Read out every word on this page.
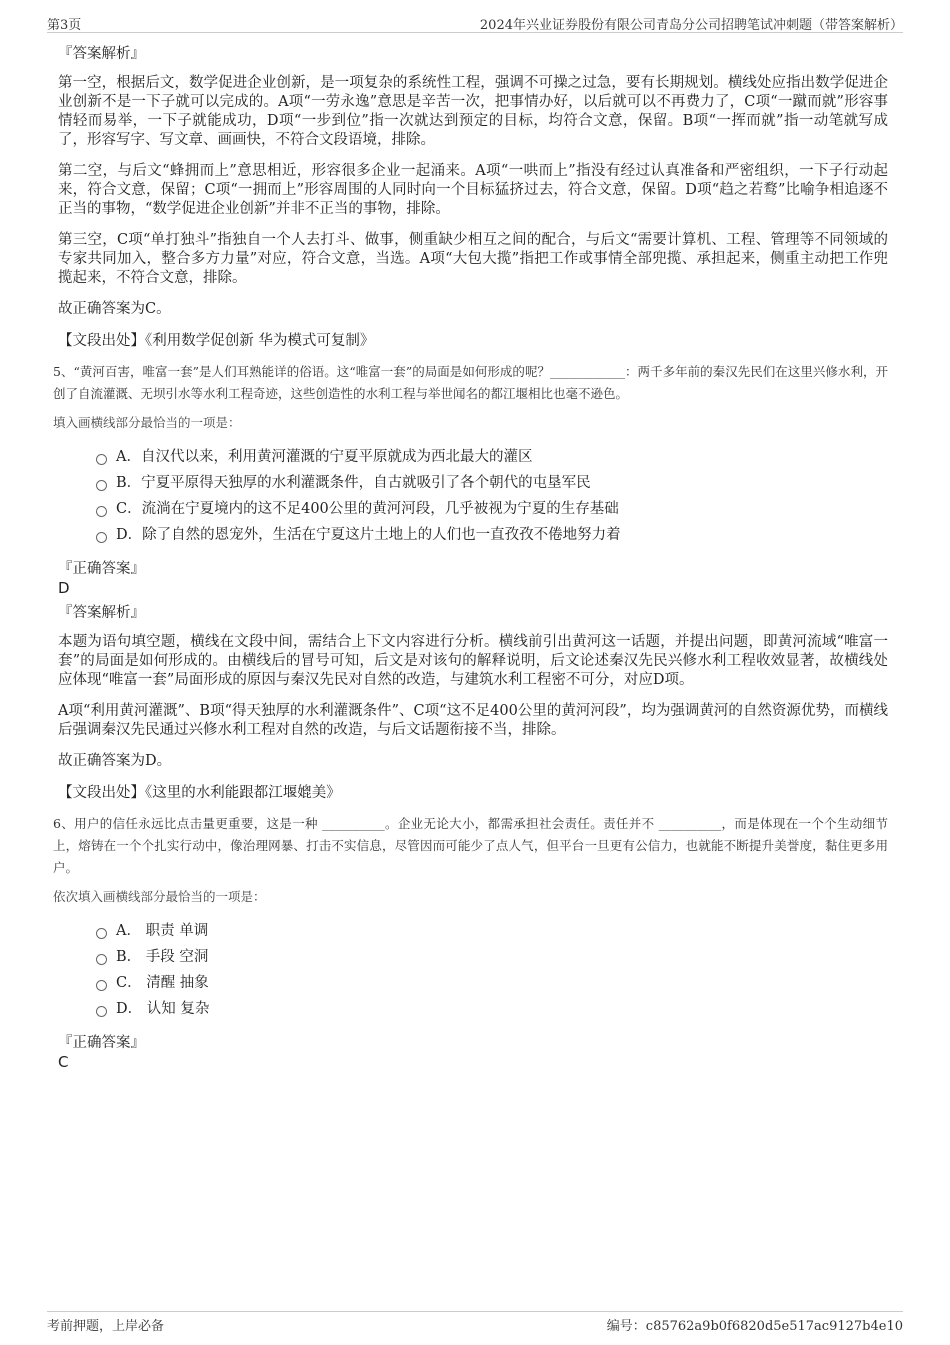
第3页	2024年兴业证券股份有限公司青岛分公司招聘笔试冲刺题（带答案解析）
『答案解析』

第一空，根据后文，数学促进企业创新，是一项复杂的系统性工程，强调不可操之过急，要有长期规划。横线处应指出数学促进企业创新不是一下子就可以完成的。A项“一劳永逸”意思是辛苦一次，把事情办好，以后就可以不再费力了，C项“一蹴而就”形容事情轻而易举，一下子就能成功，D项“一步到位”指一次就达到预定的目标，均符合文意，保留。B项“一挥而就”指一动笔就写成了，形容写字、写文章、画画快，不符合文段语境，排除。

第二空，与后文“蜂拥而上”意思相近，形容很多企业一起涌来。A项“一哄而上”指没有经过认真准备和严密组织，一下子行动起来，符合文意，保留；C项“一拥而上”形容周围的人同时向一个目标猛挤过去，符合文意，保留。D项“趋之若鹜”比喻争相追逐不正当的事物，“数学促进企业创新”并非不正当的事物，排除。

第三空，C项“单打独斗”指独自一个人去打斗、做事，侧重缺少相互之间的配合，与后文“需要计算机、工程、管理等不同领域的专家共同加入，整合多方力量”对应，符合文意，当选。A项“大包大揽”指把工作或事情全部兜揽、承担起来，侧重主动把工作兜揽起来，不符合文意，排除。

故正确答案为C。

【文段出处】《利用数学促创新 华为模式可复制》

5、“黄河百害，唯富一套”是人们耳熟能详的俗语。这“唯富一套”的局面是如何形成的呢？____________：两千多年前的秦汉先民们在这里兴修水利，开创了自流灌溉、无坝引水等水利工程奇迹，这些创造性的水利工程与举世闻名的都江堰相比也毫不逊色。

填入画横线部分最恰当的一项是：
A．自汉代以来，利用黄河灌溉的宁夏平原就成为西北最大的灌区
B．宁夏平原得天独厚的水利灌溉条件，自古就吸引了各个朝代的屯垦军民
C．流淌在宁夏境内的这不足400公里的黄河河段，几乎被视为宁夏的生存基础
D．除了自然的恩宠外，生活在宁夏这片土地上的人们也一直孜孜不倦地努力着
『正确答案』
D
『答案解析』

本题为语句填空题，横线在文段中间，需结合上下文内容进行分析。横线前引出黄河这一话题，并提出问题，即黄河流域“唯富一套”的局面是如何形成的。由横线后的冒号可知，后文是对该句的解释说明，后文论述秦汉先民兴修水利工程收效显著，故横线处应体现“唯富一套”局面形成的原因与秦汉先民对自然的改造，与建筑水利工程密不可分，对应D项。

A项“利用黄河灌溉”、B项“得天独厚的水利灌溉条件”、C项“这不足400公里的黄河河段”，均为强调黄河的自然资源优势，而横线后强调秦汉先民通过兴修水利工程对自然的改造，与后文话题衔接不当，排除。

故正确答案为D。

【文段出处】《这里的水利能跟都江堰媲美》

6、用户的信任永远比点击量更重要，这是一种 __________。企业无论大小，都需承担社会责任。责任并不 __________，而是体现在一个个生动细节上，熔铸在一个个扎实行动中，像治理网暴、打击不实信息，尽管因而可能少了点人气，但平台一旦更有公信力，也就能不断提升美誉度，黏住更多用户。

依次填入画横线部分最恰当的一项是：
A． 职责 单调
B． 手段 空洞
C． 清醒 抽象
D． 认知 复杂
『正确答案』
C
考前押题，上岸必备	编号：c85762a9b0f6820d5e517ac9127b4e10
